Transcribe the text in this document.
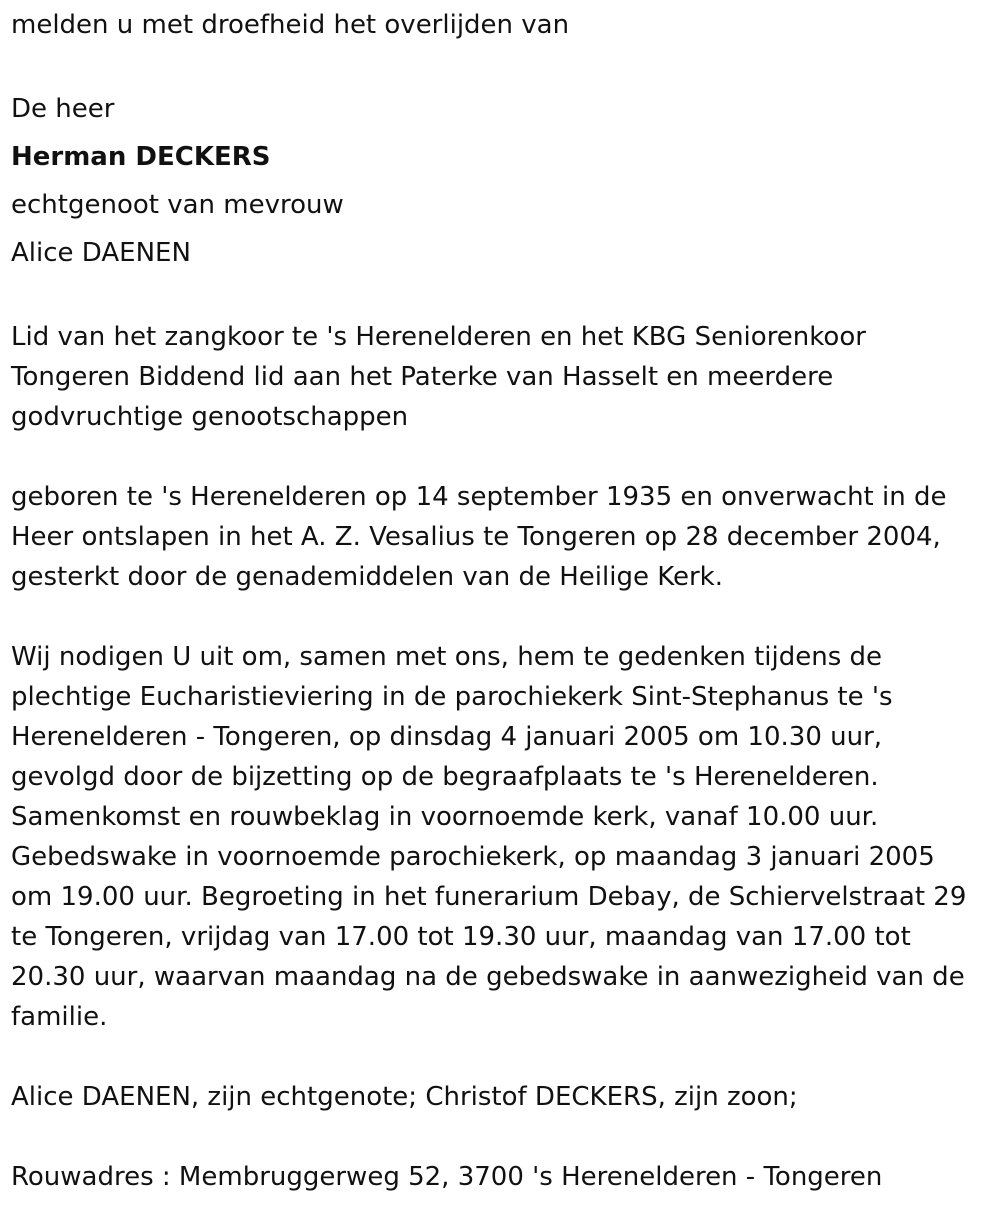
melden u met droefheid het overlijden van

De heer

Herman DECKERS

echtgenoot van mevrouw

Alice DAENEN

Lid van het zangkoor te 's Herenelderen en het KBG Seniorenkoor

Tongeren Biddend lid aan het Paterke van Hasselt en meerdere

godvruchtige genootschappen

geboren te 's Herenelderen op 14 september 1935 en onverwacht in de

Heer ontslapen in het A. Z. Vesalius te Tongeren op 28 december 2004,

gesterkt door de genademiddelen van de Heilige Kerk.

Wij nodigen U uit om, samen met ons, hem te gedenken tijdens de

plechtige Eucharistieviering in de parochiekerk Sint-Stephanus te 's

Herenelderen - Tongeren, op dinsdag 4 januari 2005 om 10.30 uur,

gevolgd door de bijzetting op de begraafplaats te 's Herenelderen.

Samenkomst en rouwbeklag in voornoemde kerk, vanaf 10.00 uur.

Gebedswake in voornoemde parochiekerk, op maandag 3 januari 2005

om 19.00 uur. Begroeting in het funerarium Debay, de Schiervelstraat 29

te Tongeren, vrijdag van 17.00 tot 19.30 uur, maandag van 17.00 tot

20.30 uur, waarvan maandag na de gebedswake in aanwezigheid van de

familie.

Alice DAENEN, zijn echtgenote; Christof DECKERS, zijn zoon;

Rouwadres : Membruggerweg 52, 3700 's Herenelderen - Tongeren
